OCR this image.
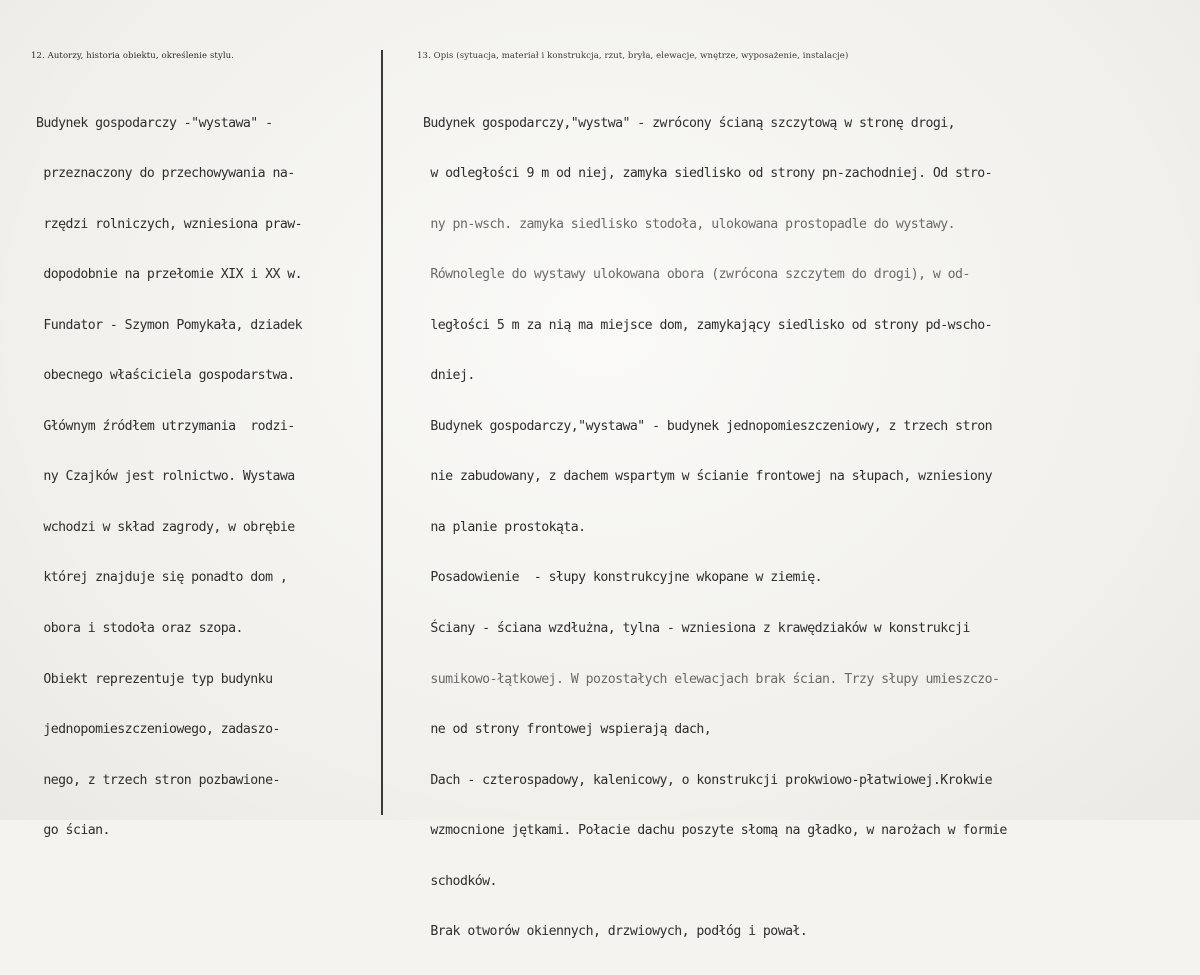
12. Autorzy, historia obiektu, określenie stylu.	13. Opis (sytuacja, materiał i konstrukcja, rzut, bryła, elewacje, wnętrze, wyposażenie, instalacje)

Budynek gospodarczy -"wystawa" -

przeznaczony do przechowywania na-

rzędzi rolniczych, wzniesiona praw-

dopodobnie na przełomie XIX i XX w.

Fundator - Szymon Pomykała, dziadek

obecnego właściciela gospodarstwa.

Głównym źródłem utrzymania  rodzi-

ny Czajków jest rolnictwo. Wystawa

wchodzi w skład zagrody, w obrębie

której znajduje się ponadto dom ,

obora i stodoła oraz szopa.

Obiekt reprezentuje typ budynku

jednopomieszczeniowego, zadaszo-

nego, z trzech stron pozbawione-

go ścian.

Budynek gospodarczy,"wystwa" - zwrócony ścianą szczytową w stronę drogi,

w odległości 9 m od niej, zamyka siedlisko od strony pn-zachodniej. Od stro-

ny pn-wsch. zamyka siedlisko stodoła, ulokowana prostopadle do wystawy.

Równolegle do wystawy ulokowana obora (zwrócona szczytem do drogi), w od-

ległości 5 m za nią ma miejsce dom, zamykający siedlisko od strony pd-wscho-

dniej.

Budynek gospodarczy,"wystawa" - budynek jednopomieszczeniowy, z trzech stron

nie zabudowany, z dachem wspartym w ścianie frontowej na słupach, wzniesiony

na planie prostokąta.

Posadowienie  - słupy konstrukcyjne wkopane w ziemię.

Ściany - ściana wzdłużna, tylna - wzniesiona z krawędziaków w konstrukcji

sumikowo-łątkowej. W pozostałych elewacjach brak ścian. Trzy słupy umieszczo-

ne od strony frontowej wspierają dach,

Dach - czterospadowy, kalenicowy, o konstrukcji prokwiowo-płatwiowej.Krokwie

wzmocnione jętkami. Połacie dachu poszyte słomą na gładko, w narożach w formie

schodków.

Brak otworów okiennych, drzwiowych, podłóg i pował.
